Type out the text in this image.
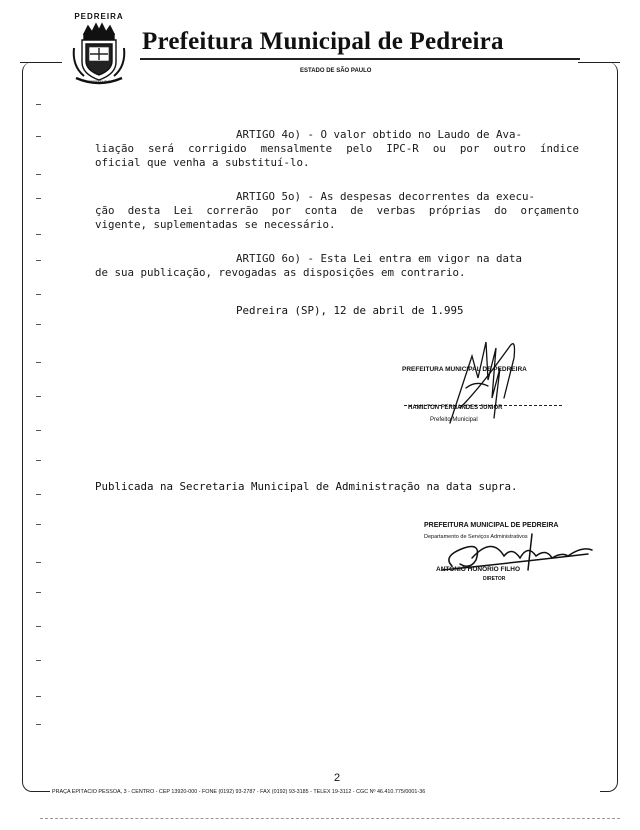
PEDREIRA
FORTITUDO
Prefeitura Municipal de Pedreira
ESTADO DE SÃO PAULO
ARTIGO 4o) - O valor obtido no Laudo de Ava-
liação será corrigido mensalmente pelo IPC-R ou por outro índice
oficial que venha a substituí-lo.
ARTIGO 5o) - As despesas decorrentes da execu-
ção desta Lei correrão por conta de verbas próprias do orçamento
vigente, suplementadas se necessário.
ARTIGO 6o) - Esta Lei entra em vigor na data
de sua publicação, revogadas as disposições em contrario.
Pedreira (SP), 12 de abril de 1.995
PREFEITURA MUNICIPAL DE PEDREIRA
HAMILTON FERNANDES JUNIOR
Prefeito Municipal
Publicada na Secretaria Municipal de Administração na data supra.
PREFEITURA MUNICIPAL DE PEDREIRA
Departamento de Serviços Administrativos
ANTONIO HONORIO FILHO
DIRETOR
2
PRAÇA EPITÁCIO PESSOA, 3 - CENTRO - CEP 13920-000 - FONE (0192) 93-2787 - FAX (0192) 93-3185 - TELEX 19-3112 - CGC Nº 46.410.775/0001-36
